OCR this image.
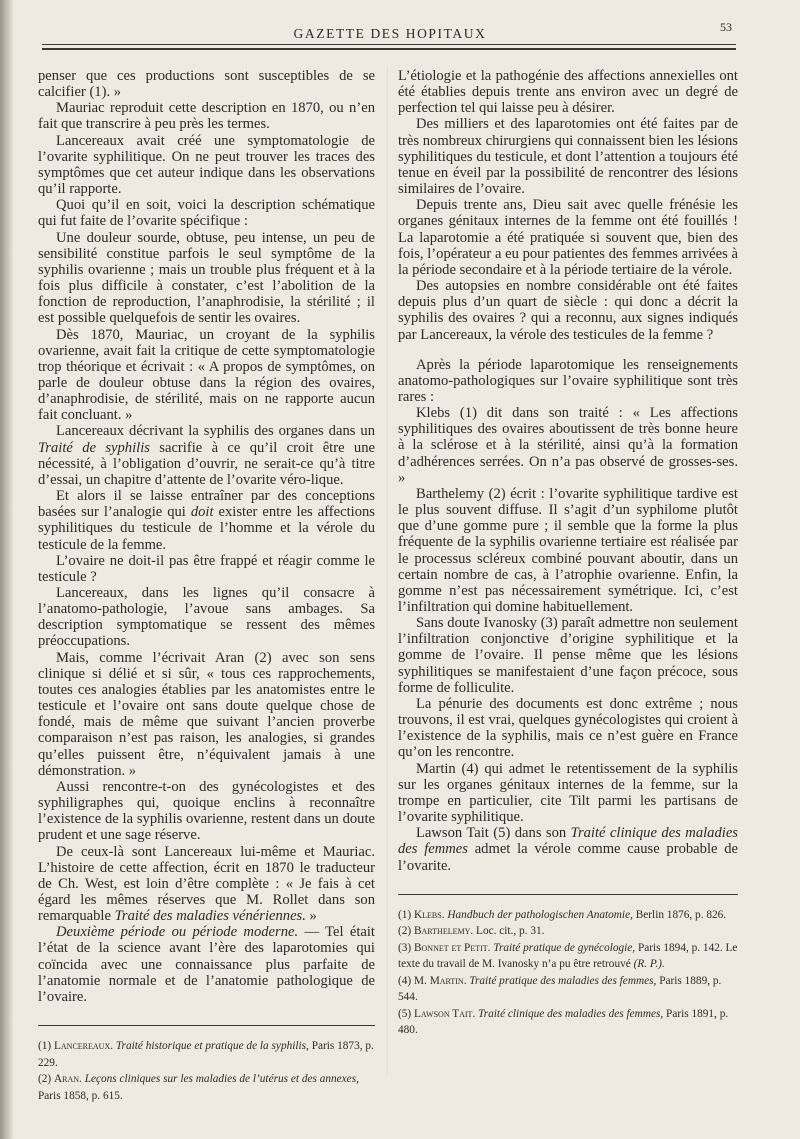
GAZETTE DES HOPITAUX	53

penser que ces productions sont susceptibles de se calcifier (1). »

Mauriac reproduit cette description en 1870, ou n’en fait que transcrire à peu près les termes.

Lancereaux avait créé une symptomatologie de l’ovarite syphilitique. On ne peut trouver les traces des symptômes que cet auteur indique dans les observations qu’il rapporte.

Quoi qu’il en soit, voici la description schématique qui fut faite de l’ovarite spécifique :

Une douleur sourde, obtuse, peu intense, un peu de sensibilité constitue parfois le seul symptôme de la syphilis ovarienne ; mais un trouble plus fréquent et à la fois plus difficile à constater, c’est l’abolition de la fonction de reproduction, l’anaphrodisie, la stérilité ; il est possible quelquefois de sentir les ovaires.

Dès 1870, Mauriac, un croyant de la syphilis ovarienne, avait fait la critique de cette symptomatologie trop théorique et écrivait : « A propos de symptômes, on parle de douleur obtuse dans la région des ovaires, d’anaphrodisie, de stérilité, mais on ne rapporte aucun fait concluant. »

Lancereaux décrivant la syphilis des organes dans un Traité de syphilis sacrifie à ce qu’il croit être une nécessité, à l’obligation d’ouvrir, ne serait-ce qu’à titre d’essai, un chapitre d’attente de l’ovarite véro-lique.

Et alors il se laisse entraîner par des conceptions basées sur l’analogie qui doit exister entre les affections syphilitiques du testicule de l’homme et la vérole du testicule de la femme.

L’ovaire ne doit-il pas être frappé et réagir comme le testicule ?

Lancereaux, dans les lignes qu’il consacre à l’anatomo-pathologie, l’avoue sans ambages. Sa description symptomatique se ressent des mêmes préoccupations.

Mais, comme l’écrivait Aran (2) avec son sens clinique si délié et si sûr, « tous ces rapprochements, toutes ces analogies établies par les anatomistes entre le testicule et l’ovaire ont sans doute quelque chose de fondé, mais de même que suivant l’ancien proverbe comparaison n’est pas raison, les analogies, si grandes qu’elles puissent être, n’équivalent jamais à une démonstration. »

Aussi rencontre-t-on des gynécologistes et des syphiligraphes qui, quoique enclins à reconnaître l’existence de la syphilis ovarienne, restent dans un doute prudent et une sage réserve.

De ceux-là sont Lancereaux lui-même et Mauriac. L’histoire de cette affection, écrit en 1870 le traducteur de Ch. West, est loin d’être complète : « Je fais à cet égard les mêmes réserves que M. Rollet dans son remarquable Traité des maladies vénériennes. »

Deuxième période ou période moderne. — Tel était l’état de la science avant l’ère des laparotomies qui coïncida avec une connaissance plus parfaite de l’anatomie normale et de l’anatomie pathologique de l’ovaire.

(1) Lancereaux. Traité historique et pratique de la syphilis, Paris 1873, p. 229.

(2) Aran. Leçons cliniques sur les maladies de l’utérus et des annexes, Paris 1858, p. 615.

L’étiologie et la pathogénie des affections annexielles ont été établies depuis trente ans environ avec un degré de perfection tel qui laisse peu à désirer.

Des milliers et des laparotomies ont été faites par de très nombreux chirurgiens qui connaissent bien les lésions syphilitiques du testicule, et dont l’attention a toujours été tenue en éveil par la possibilité de rencontrer des lésions similaires de l’ovaire.

Depuis trente ans, Dieu sait avec quelle frénésie les organes génitaux internes de la femme ont été fouillés ! La laparotomie a été pratiquée si souvent que, bien des fois, l’opérateur a eu pour patientes des femmes arrivées à la période secondaire et à la période tertiaire de la vérole.

Des autopsies en nombre considérable ont été faites depuis plus d’un quart de siècle : qui donc a décrit la syphilis des ovaires ? qui a reconnu, aux signes indiqués par Lancereaux, la vérole des testicules de la femme ?

Après la période laparotomique les renseignements anatomo-pathologiques sur l’ovaire syphilitique sont très rares :

Klebs (1) dit dans son traité : « Les affections syphilitiques des ovaires aboutissent de très bonne heure à la sclérose et à la stérilité, ainsi qu’à la formation d’adhérences serrées. On n’a pas observé de grosses-ses. »

Barthelemy (2) écrit : l’ovarite syphilitique tardive est le plus souvent diffuse. Il s’agit d’un syphilome plutôt que d’une gomme pure ; il semble que la forme la plus fréquente de la syphilis ovarienne tertiaire est réalisée par le processus scléreux combiné pouvant aboutir, dans un certain nombre de cas, à l’atrophie ovarienne. Enfin, la gomme n’est pas nécessairement symétrique. Ici, c’est l’infiltration qui domine habituellement.

Sans doute Ivanosky (3) paraît admettre non seulement l’infiltration conjonctive d’origine syphilitique et la gomme de l’ovaire. Il pense même que les lésions syphilitiques se manifestaient d’une façon précoce, sous forme de folliculite.

La pénurie des documents est donc extrême ; nous trouvons, il est vrai, quelques gynécologistes qui croient à l’existence de la syphilis, mais ce n’est guère en France qu’on les rencontre.

Martin (4) qui admet le retentissement de la syphilis sur les organes génitaux internes de la femme, sur la trompe en particulier, cite Tilt parmi les partisans de l’ovarite syphilitique.

Lawson Tait (5) dans son Traité clinique des maladies des femmes admet la vérole comme cause probable de l’ovarite.

(1) Klebs. Handbuch der pathologischen Anatomie, Berlin 1876, p. 826.

(2) Barthelemy. Loc. cit., p. 31.

(3) Bonnet et Petit. Traité pratique de gynécologie, Paris 1894, p. 142. Le texte du travail de M. Ivanosky n’a pu être retrouvé (R. P.).

(4) M. Martin. Traité pratique des maladies des femmes, Paris 1889, p. 544.

(5) Lawson Tait. Traité clinique des maladies des femmes, Paris 1891, p. 480.
